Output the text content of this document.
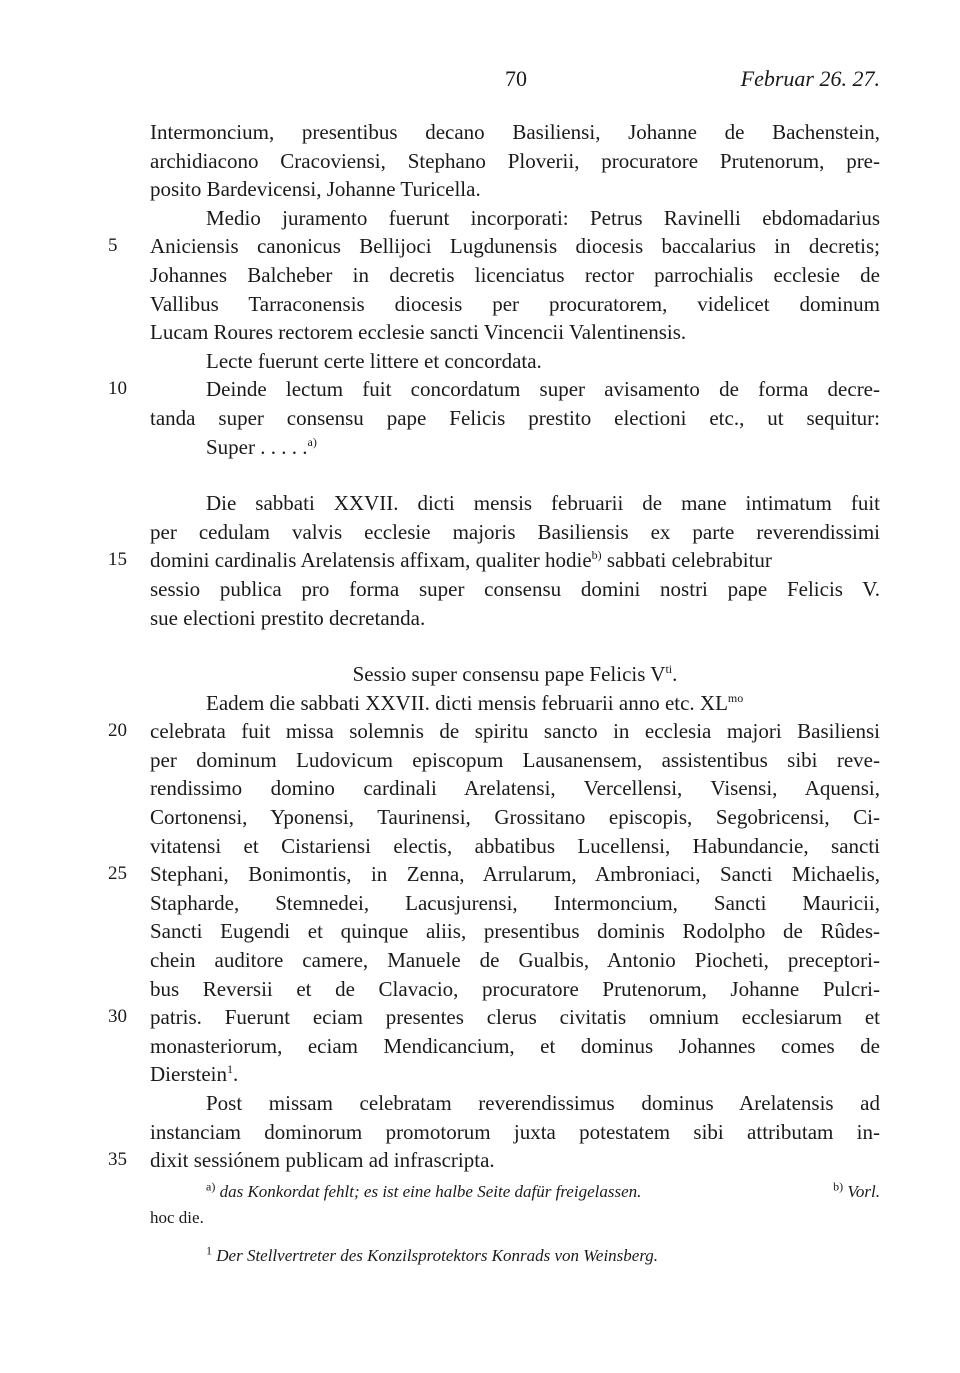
70	Februar 26. 27.
Intermoncium, presentibus decano Basiliensi, Johanne de Bachenstein,
archidiacono Cracoviensi, Stephano Ploverii, procuratore Prutenorum, pre-
posito Bardevicensi, Johanne Turicella.
Medio juramento fuerunt incorporati: Petrus Ravinelli ebdomadarius
5	Aniciensis canonicus Bellijoci Lugdunensis diocesis baccalarius in decretis;
Johannes Balcheber in decretis licenciatus rector parrochialis ecclesie de
Vallibus Tarraconensis diocesis per procuratorem, videlicet dominum
Lucam Roures rectorem ecclesie sancti Vincencii Valentinensis.
Lecte fuerunt certe littere et concordata.
10	Deinde lectum fuit concordatum super avisamento de forma decre-
tanda super consensu pape Felicis prestito electioni etc., ut sequitur:
Super . . . . .$^{a)}$
Die sabbati XXVII. dicti mensis februarii de mane intimatum fuit
per cedulam valvis ecclesie majoris Basiliensis ex parte reverendissimi
15	domini cardinalis Arelatensis affixam, qualiter hodie$^{b)}$ sabbati celebrabitur
sessio publica pro forma super consensu domini nostri pape Felicis V.
sue electioni prestito decretanda.
Sessio super consensu pape Felicis $V^{ti}$.
Eadem die sabbati XXVII. dicti mensis februarii anno etc. $XL^{mo}$
20	celebrata fuit missa solemnis de spiritu sancto in ecclesia majori Basiliensi
per dominum Ludovicum episcopum Lausanensem, assistentibus sibi reve-
rendissimo domino cardinali Arelatensi, Vercellensi, Visensi, Aquensi,
Cortonensi, Yponensi, Taurinensi, Grossitano episcopis, Segobricensi, Ci-
vitatensi et Cistariensi electis, abbatibus Lucellensi, Habundancie, sancti
25	Stephani, Bonimontis, in Zenna, Arrularum, Ambroniaci, Sancti Michaelis,
Stapharde, Stemnedei, Lacusjurensi, Intermoncium, Sancti Mauricii,
Sancti Eugendi et quinque aliis, presentibus dominis Rodolpho de Rûdes-
chein auditore camere, Manuele de Gualbis, Antonio Piocheti, preceptori-
bus Reversii et de Clavacio, procuratore Prutenorum, Johanne Pulcri-
30	patris. Fuerunt eciam presentes clerus civitatis omnium ecclesiarum et
monasteriorum, eciam Mendicancium, et dominus Johannes comes de
Dierstein$^1$.
Post missam celebratam reverendissimus dominus Arelatensis ad
instanciam dominorum promotorum juxta potestatem sibi attributam in-
35	dixit sessiónem publicam ad infrascripta.
$^{a)}$ das Konkordat fehlt; es ist eine halbe Seite dafür freigelassen.	$^{b)}$ Vorl.
hoc die.
$^1$ Der Stellvertreter des Konzilsprotektors Konrads von Weinsberg.
